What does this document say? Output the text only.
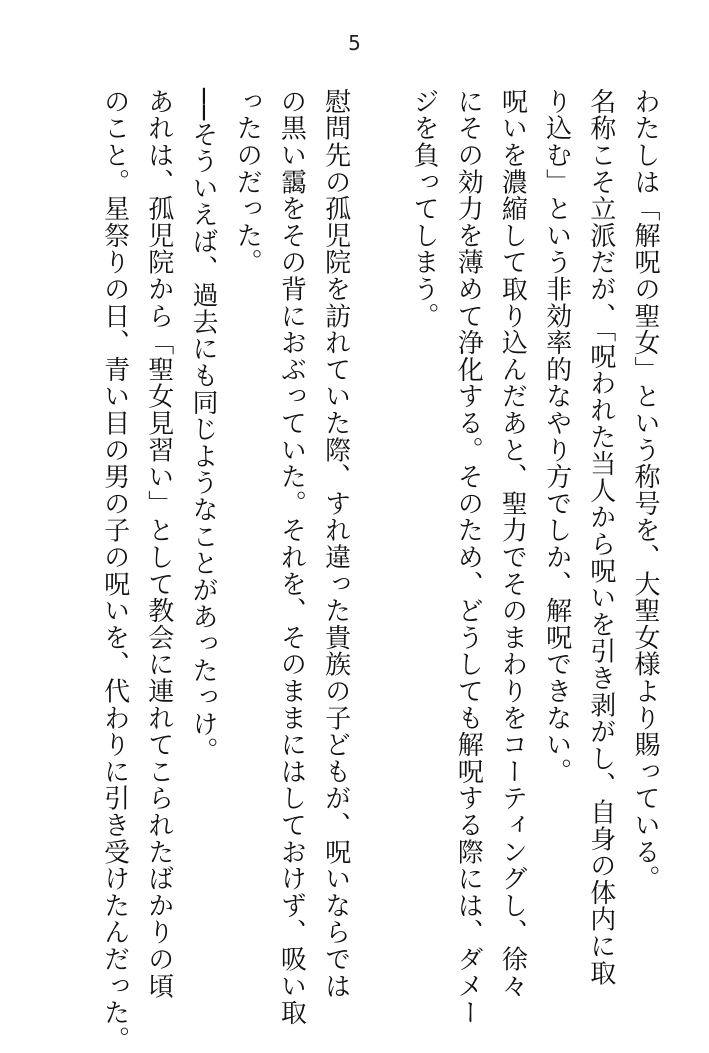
5
わたしは「解呪の聖女」という称号を、大聖女様より賜っている。
名称こそ立派だが、「呪われた当人から呪いを引き剥がし、自身の体内に取
り込む」という非効率的なやり方でしか、解呪できない。
呪いを濃縮して取り込んだあと、聖力でそのまわりをコーティングし、徐々
にその効力を薄めて浄化する。そのため、どうしても解呪する際には、ダメー
ジを負ってしまう。
慰問先の孤児院を訪れていた際、すれ違った貴族の子どもが、呪いならでは
の黒い靄をその背におぶっていた。それを、そのままにはしておけず、吸い取
ったのだった。
──そういえば、過去にも同じようなことがあったっけ。
あれは、孤児院から「聖女見習い」として教会に連れてこられたばかりの頃
のこと。星祭りの日、青い目の男の子の呪いを、代わりに引き受けたんだった。
